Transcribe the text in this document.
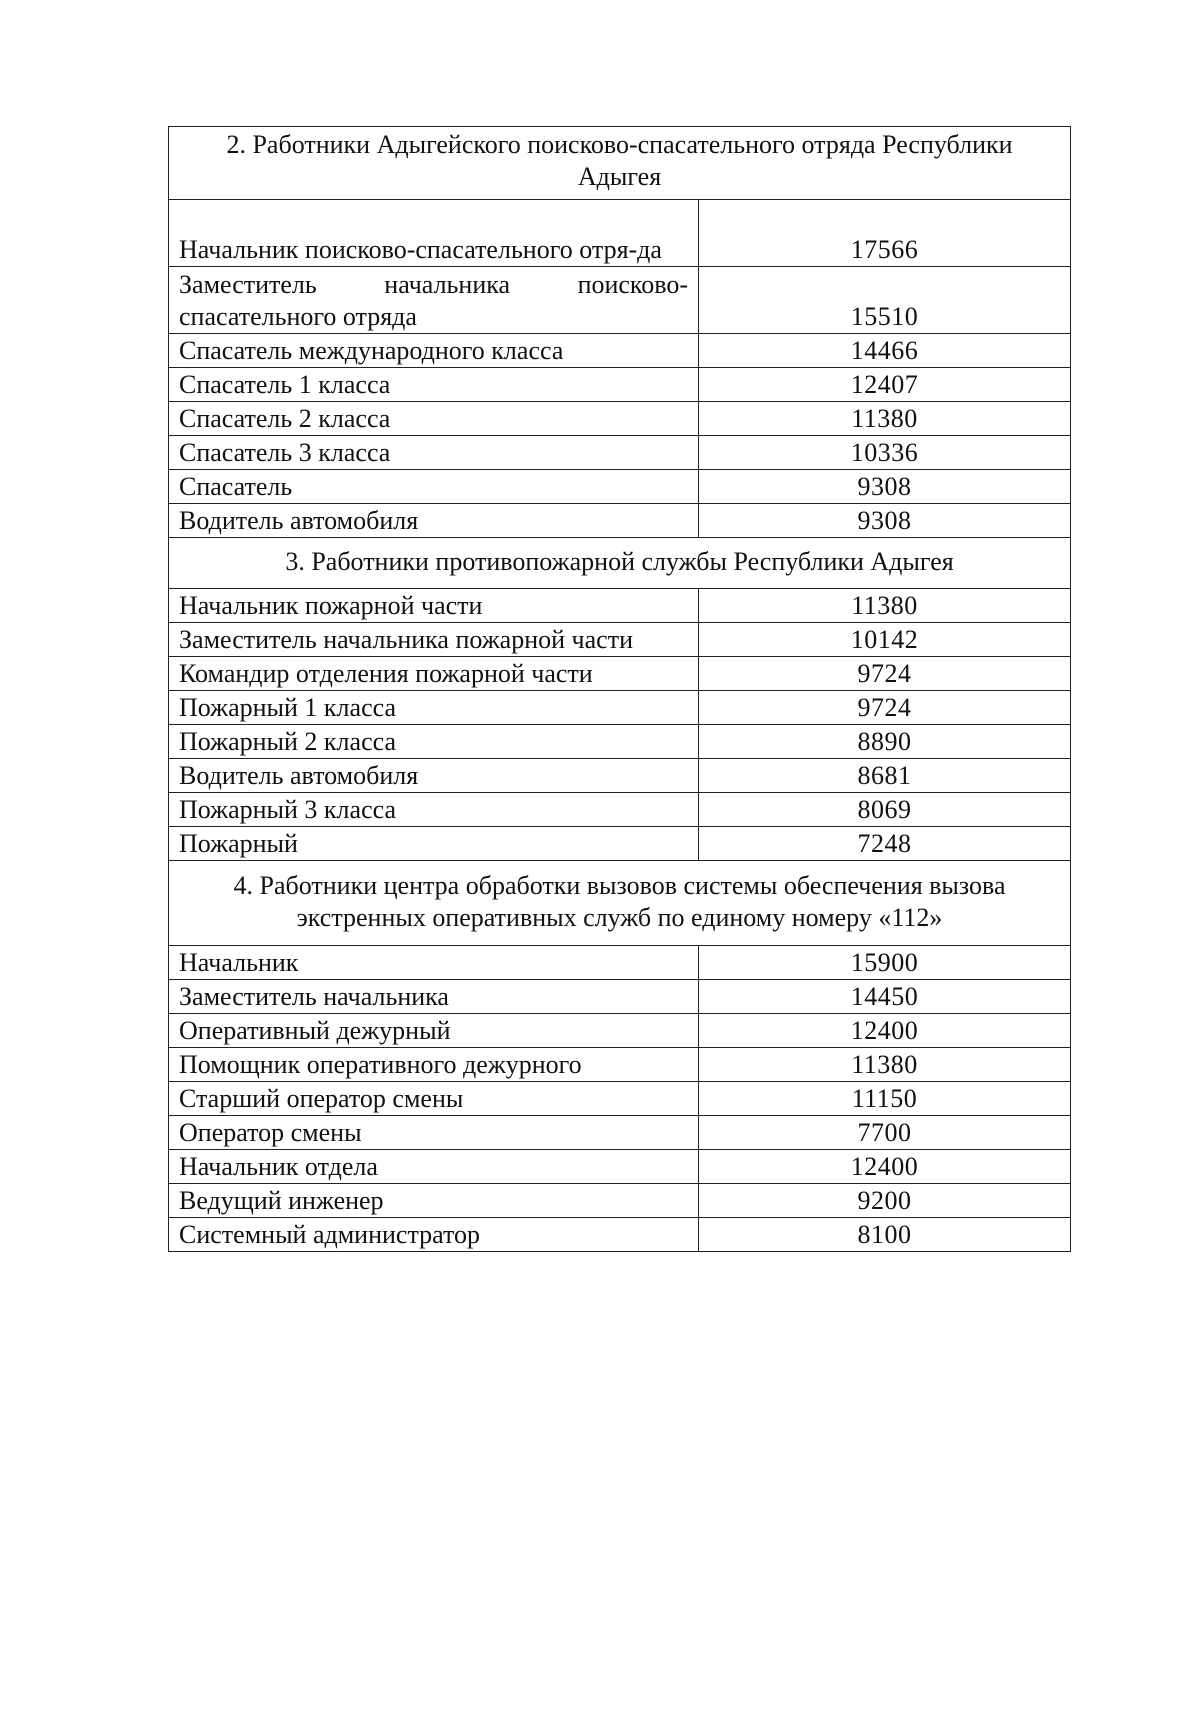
2. Работники Адыгейского поисково-спасательного отряда Республики Адыгея	
Начальник поисково-спасательного отря-да	17566
Заместитель начальника поисково-спасательного отряда	15510
Спасатель международного класса	14466
Спасатель 1 класса	12407
Спасатель 2 класса	11380
Спасатель 3 класса	10336
Спасатель	9308
Водитель автомобиля	9308
3. Работники противопожарной службы Республики Адыгея	
Начальник пожарной части	11380
Заместитель начальника пожарной части	10142
Командир отделения пожарной части	9724
Пожарный 1 класса	9724
Пожарный 2 класса	8890
Водитель автомобиля	8681
Пожарный 3 класса	8069
Пожарный	7248
4. Работники центра обработки вызовов системы обеспечения вызова экстренных оперативных служб по единому номеру «112»	
Начальник	15900
Заместитель начальника	14450
Оперативный дежурный	12400
Помощник оперативного дежурного	11380
Старший оператор смены	11150
Оператор смены	7700
Начальник отдела	12400
Ведущий инженер	9200
Системный администратор	8100
